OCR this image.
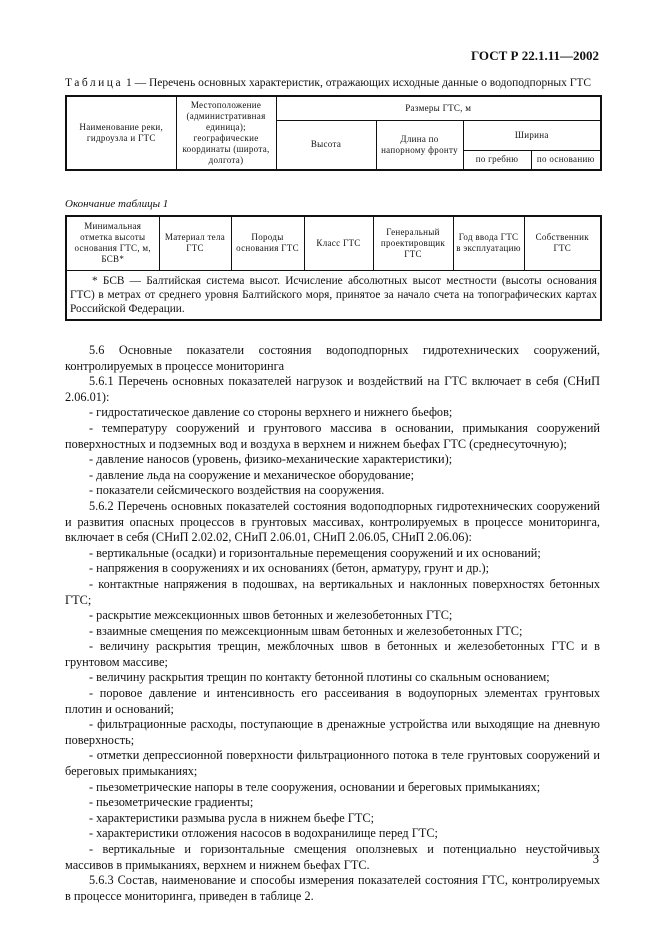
ГОСТ Р 22.1.11—2002
Таблица 1 — Перечень основных характеристик, отражающих исходные данные о водоподпорных ГТС
Наименование реки, гидроузла и ГТС	Местоположение (административная единица); географические координаты (широта, долгота)	Размеры ГТС, м			
		Высота	Длина по напорному фронту	Ширина	
				по гребню	по основанию
Окончание таблицы 1
Минимальная отметка высоты основания ГТС, м, БСВ*	Материал тела ГТС	Породы основания ГТС	Класс ГТС	Генеральный проектировщик ГТС	Год ввода ГТС в эксплуатацию	Собственник ГТС

* БСВ — Балтийская система высот. Исчисление абсолютных высот местности (высоты основания ГТС) в метрах от среднего уровня Балтийского моря, принятое за начало счета на топографических картах Российской Федерации.

5.6 Основные показатели состояния водоподпорных гидротехнических сооружений, контролируемых в процессе мониторинга

5.6.1 Перечень основных показателей нагрузок и воздействий на ГТС включает в себя (СНиП 2.06.01):

- гидростатическое давление со стороны верхнего и нижнего бьефов;

- температуру сооружений и грунтового массива в основании, примыкания сооружений поверхностных и подземных вод и воздуха в верхнем и нижнем бьефах ГТС (среднесуточную);

- давление наносов (уровень, физико-механические характеристики);

- давление льда на сооружение и механическое оборудование;

- показатели сейсмического воздействия на сооружения.

5.6.2 Перечень основных показателей состояния водоподпорных гидротехнических сооружений и развития опасных процессов в грунтовых массивах, контролируемых в процессе мониторинга, включает в себя (СНиП 2.02.02, СНиП 2.06.01, СНиП 2.06.05, СНиП 2.06.06):

- вертикальные (осадки) и горизонтальные перемещения сооружений и их оснований;

- напряжения в сооружениях и их основаниях (бетон, арматуру, грунт и др.);

- контактные напряжения в подошвах, на вертикальных и наклонных поверхностях бетонных ГТС;

- раскрытие межсекционных швов бетонных и железобетонных ГТС;

- взаимные смещения по межсекционным швам бетонных и железобетонных ГТС;

- величину раскрытия трещин, межблочных швов в бетонных и железобетонных ГТС и в грунтовом массиве;

- величину раскрытия трещин по контакту бетонной плотины со скальным основанием;

- поровое давление и интенсивность его рассеивания в водоупорных элементах грунтовых плотин и оснований;

- фильтрационные расходы, поступающие в дренажные устройства или выходящие на дневную поверхность;

- отметки депрессионной поверхности фильтрационного потока в теле грунтовых сооружений и береговых примыканиях;

- пьезометрические напоры в теле сооружения, основании и береговых примыканиях;

- пьезометрические градиенты;

- характеристики размыва русла в нижнем бьефе ГТС;

- характеристики отложения насосов в водохранилище перед ГТС;

- вертикальные и горизонтальные смещения оползневых и потенциально неустойчивых массивов в примыканиях, верхнем и нижнем бьефах ГТС.

5.6.3 Состав, наименование и способы измерения показателей состояния ГТС, контролируемых в процессе мониторинга, приведен в таблице 2.

3
